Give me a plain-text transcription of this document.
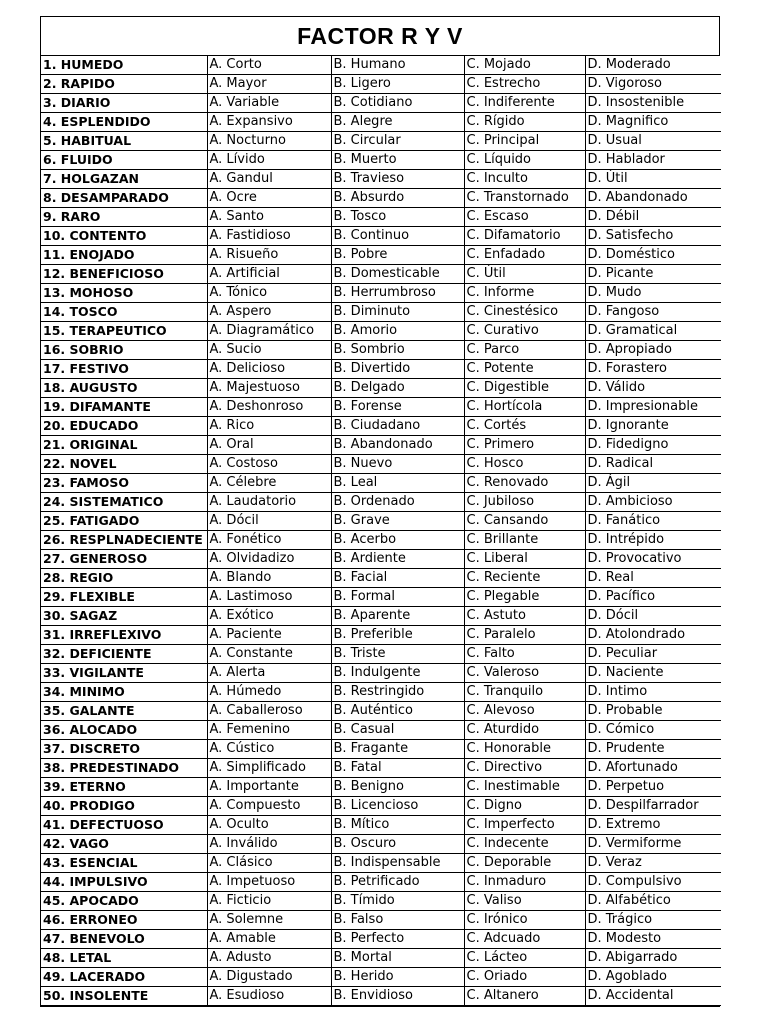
FACTOR R Y V
1. HUMEDO	A. Corto	B. Humano	C. Mojado	D. Moderado
2. RAPIDO	A. Mayor	B. Ligero	C. Estrecho	D. Vigoroso
3. DIARIO	A. Variable	B. Cotidiano	C. Indiferente	D. Insostenible
4. ESPLENDIDO	A. Expansivo	B. Alegre	C. Rígido	D. Magnifico
5. HABITUAL	A. Nocturno	B. Circular	C. Principal	D. Usual
6. FLUIDO	A. Lívido	B. Muerto	C. Líquido	D. Hablador
7. HOLGAZAN	A. Gandul	B. Travieso	C. Inculto	D. Útil
8. DESAMPARADO	A. Ocre	B. Absurdo	C. Transtornado	D. Abandonado
9. RARO	A. Santo	B. Tosco	C. Escaso	D. Débil
10. CONTENTO	A. Fastidioso	B. Continuo	C. Difamatorio	D. Satisfecho
11. ENOJADO	A. Risueño	B. Pobre	C. Enfadado	D. Doméstico
12. BENEFICIOSO	A. Artificial	B. Domesticable	C. Útil	D. Picante
13. MOHOSO	A. Tónico	B. Herrumbroso	C. Informe	D. Mudo
14. TOSCO	A. Aspero	B. Diminuto	C. Cinestésico	D. Fangoso
15. TERAPEUTICO	A. Diagramático	B. Amorio	C. Curativo	D. Gramatical
16. SOBRIO	A. Sucio	B. Sombrio	C. Parco	D. Apropiado
17. FESTIVO	A. Delicioso	B. Divertido	C. Potente	D. Forastero
18. AUGUSTO	A. Majestuoso	B. Delgado	C. Digestible	D. Válido
19. DIFAMANTE	A. Deshonroso	B. Forense	C. Hortícola	D. Impresionable
20. EDUCADO	A. Rico	B. Ciudadano	C. Cortés	D. Ignorante
21. ORIGINAL	A. Oral	B. Abandonado	C. Primero	D. Fidedigno
22. NOVEL	A. Costoso	B. Nuevo	C. Hosco	D. Radical
23. FAMOSO	A. Célebre	B. Leal	C. Renovado	D. Ágil
24. SISTEMATICO	A. Laudatorio	B. Ordenado	C. Jubiloso	D. Ambicioso
25. FATIGADO	A. Dócil	B. Grave	C. Cansando	D. Fanático
26. RESPLNADECIENTE	A. Fonético	B. Acerbo	C. Brillante	D. Intrépido
27. GENEROSO	A. Olvidadizo	B. Ardiente	C. Liberal	D. Provocativo
28. REGIO	A. Blando	B. Facial	C. Reciente	D. Real
29. FLEXIBLE	A. Lastimoso	B. Formal	C. Plegable	D. Pacífico
30. SAGAZ	A. Exótico	B. Aparente	C. Astuto	D. Dócil
31. IRREFLEXIVO	A. Paciente	B. Preferible	C. Paralelo	D. Atolondrado
32. DEFICIENTE	A. Constante	B. Triste	C. Falto	D. Peculiar
33. VIGILANTE	A. Alerta	B. Indulgente	C. Valeroso	D. Naciente
34. MINIMO	A. Húmedo	B. Restringido	C. Tranquilo	D. Intimo
35. GALANTE	A. Caballeroso	B. Auténtico	C. Alevoso	D. Probable
36. ALOCADO	A. Femenino	B. Casual	C. Aturdido	D. Cómico
37. DISCRETO	A. Cústico	B. Fragante	C. Honorable	D. Prudente
38. PREDESTINADO	A. Simplificado	B. Fatal	C. Directivo	D. Afortunado
39. ETERNO	A. Importante	B. Benigno	C. Inestimable	D. Perpetuo
40. PRODIGO	A. Compuesto	B. Licencioso	C. Digno	D. Despilfarrador
41. DEFECTUOSO	A. Oculto	B. Mítico	C. Imperfecto	D. Extremo
42. VAGO	A. Inválido	B. Oscuro	C. Indecente	D. Vermiforme
43. ESENCIAL	A. Clásico	B. Indispensable	C. Deporable	D. Veraz
44. IMPULSIVO	A. Impetuoso	B. Petrificado	C. Inmaduro	D. Compulsivo
45. APOCADO	A. Ficticio	B. Tímido	C. Valiso	D. Alfabético
46. ERRONEO	A. Solemne	B. Falso	C. Irónico	D. Trágico
47. BENEVOLO	A. Amable	B. Perfecto	C. Adcuado	D. Modesto
48. LETAL	A. Adusto	B. Mortal	C. Lácteo	D. Abigarrado
49. LACERADO	A. Digustado	B. Herido	C. Oriado	D. Agoblado
50. INSOLENTE	A. Esudioso	B. Envidioso	C. Altanero	D. Accidental
